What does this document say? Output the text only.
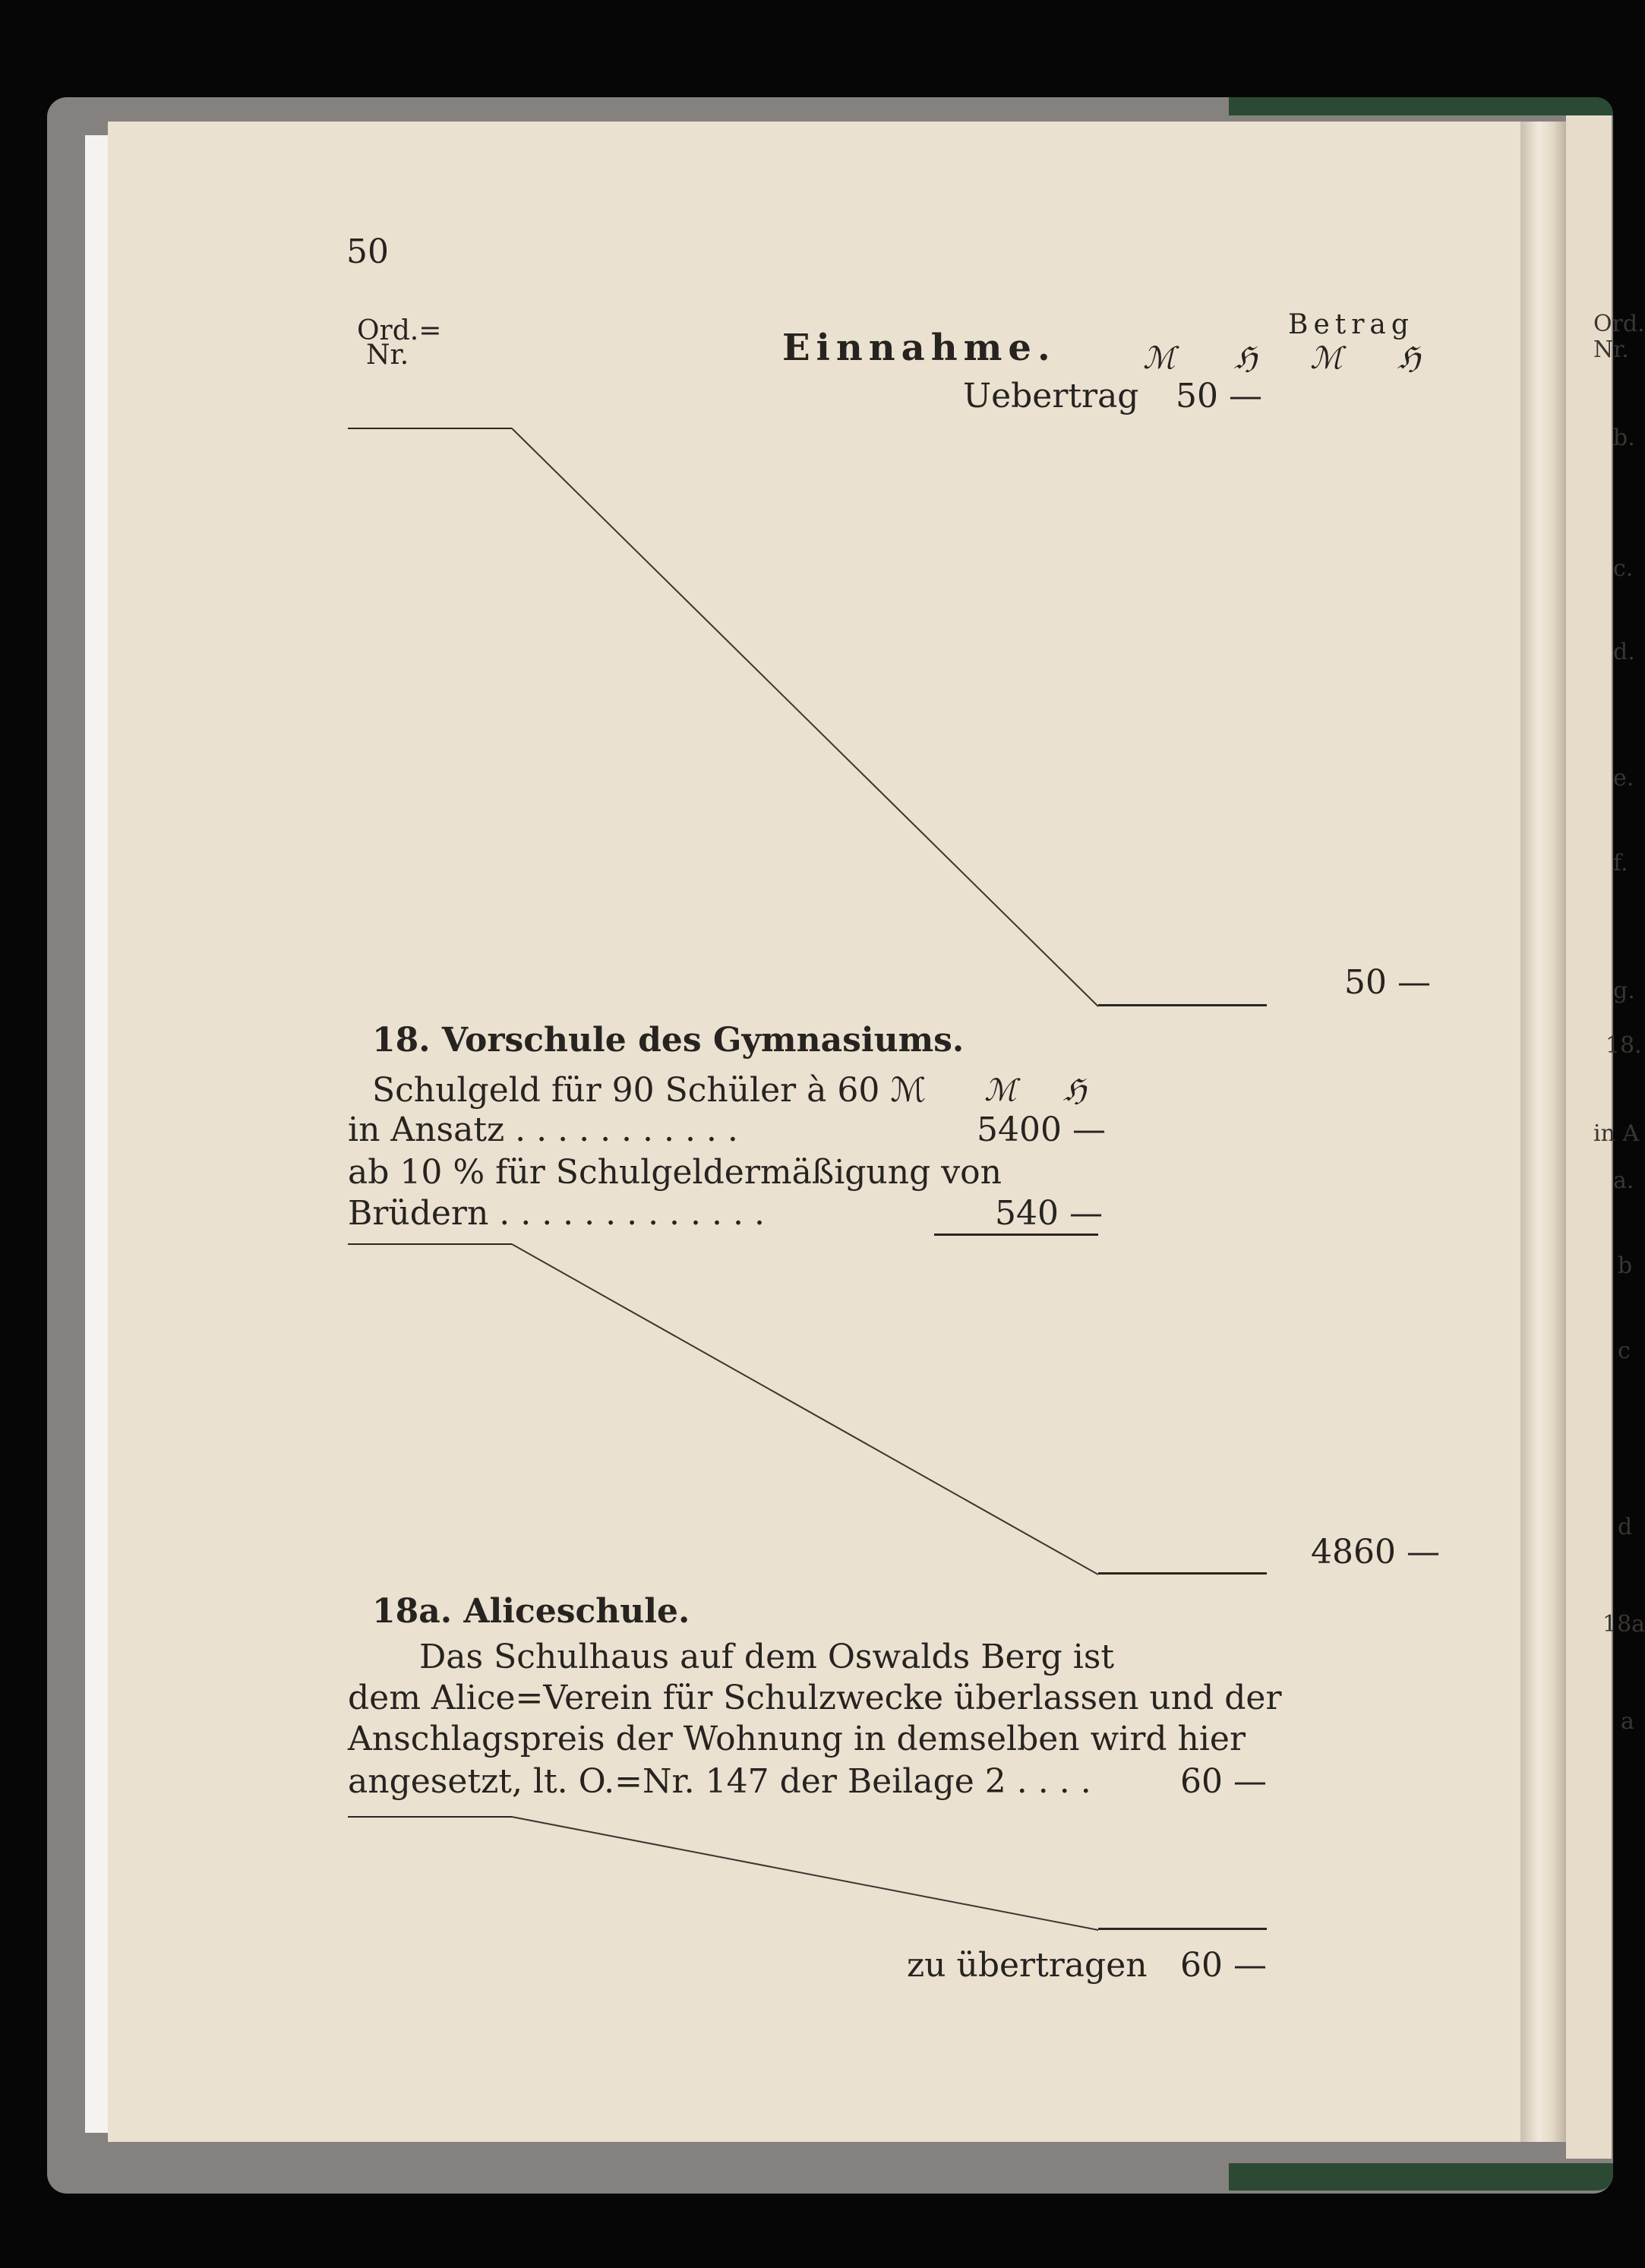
50
Ord.=
Nr.	Einnahme.
Betrag
ℳ ℌ ℳ ℌ
Uebertrag 50 —
50 —
18. Vorschule des Gymnasiums.
Schulgeld für 90 Schüler à 60 ℳ ℳ ℌ
in Ansatz . . . . . . . . . . .	5400 —
ab 10 % für Schulgeldermäßigung von
Brüdern . . . . . . . . . . . . .	540 —
4860 —
18a. Aliceschule.
Das Schulhaus auf dem Oswalds Berg ist
dem Alice=Verein für Schulzwecke überlassen und der
Anschlagspreis der Wohnung in demselben wird hier
angesetzt, lt. O.=Nr. 147 der Beilage 2 . . . .	60 —
zu übertragen 60 —
Ord.
Nr.
b.
c.
d.
e.
f.
g.
18.
in A
a.
b
c
d
18a
a
